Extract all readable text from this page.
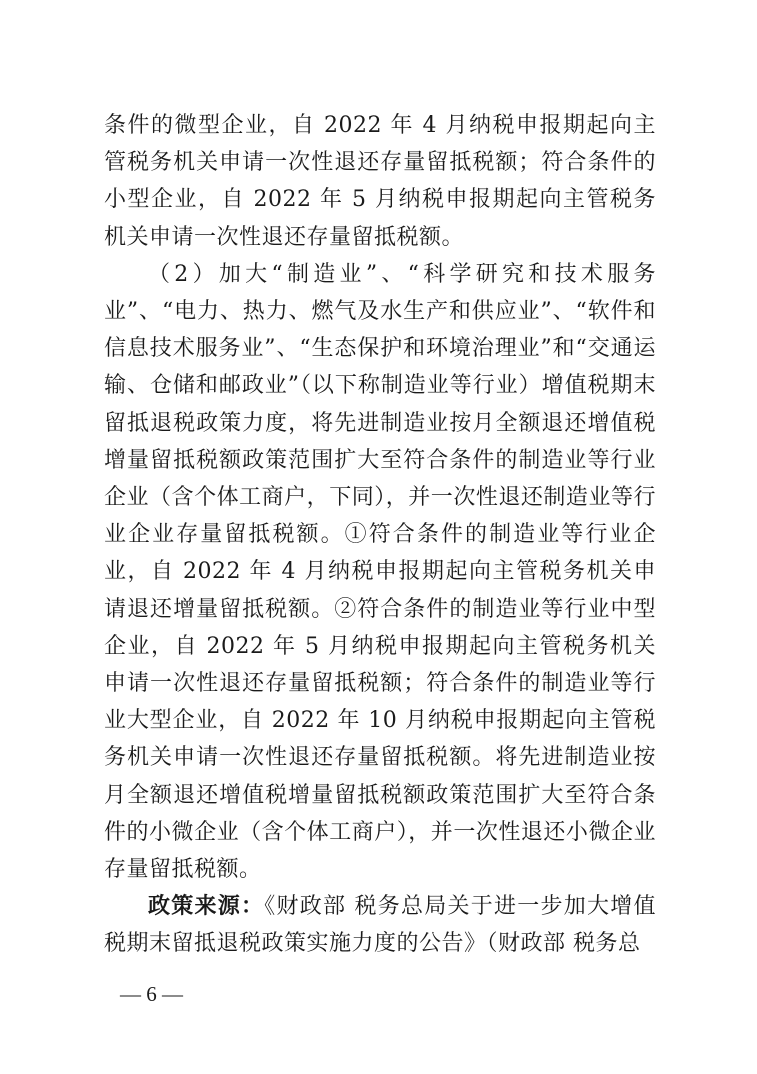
条件的微型企业，自 2022 年 4 月纳税申报期起向主管税务机关申请一次性退还存量留抵税额；符合条件的小型企业，自 2022 年 5 月纳税申报期起向主管税务机关申请一次性退还存量留抵税额。

（2）加大“制造业”、“科学研究和技术服务业”、“电力、热力、燃气及水生产和供应业”、“软件和信息技术服务业”、“生态保护和环境治理业”和“交通运输、仓储和邮政业”（以下称制造业等行业）增值税期末留抵退税政策力度，将先进制造业按月全额退还增值税增量留抵税额政策范围扩大至符合条件的制造业等行业企业（含个体工商户，下同），并一次性退还制造业等行业企业存量留抵税额。①符合条件的制造业等行业企业，自 2022 年 4 月纳税申报期起向主管税务机关申请退还增量留抵税额。②符合条件的制造业等行业中型企业，自 2022 年 5 月纳税申报期起向主管税务机关申请一次性退还存量留抵税额；符合条件的制造业等行业大型企业，自 2022 年 10 月纳税申报期起向主管税务机关申请一次性退还存量留抵税额。将先进制造业按月全额退还增值税增量留抵税额政策范围扩大至符合条件的小微企业（含个体工商户），并一次性退还小微企业存量留抵税额。

政策来源：《财政部 税务总局关于进一步加大增值税期末留抵退税政策实施力度的公告》（财政部 税务总

— 6 —
